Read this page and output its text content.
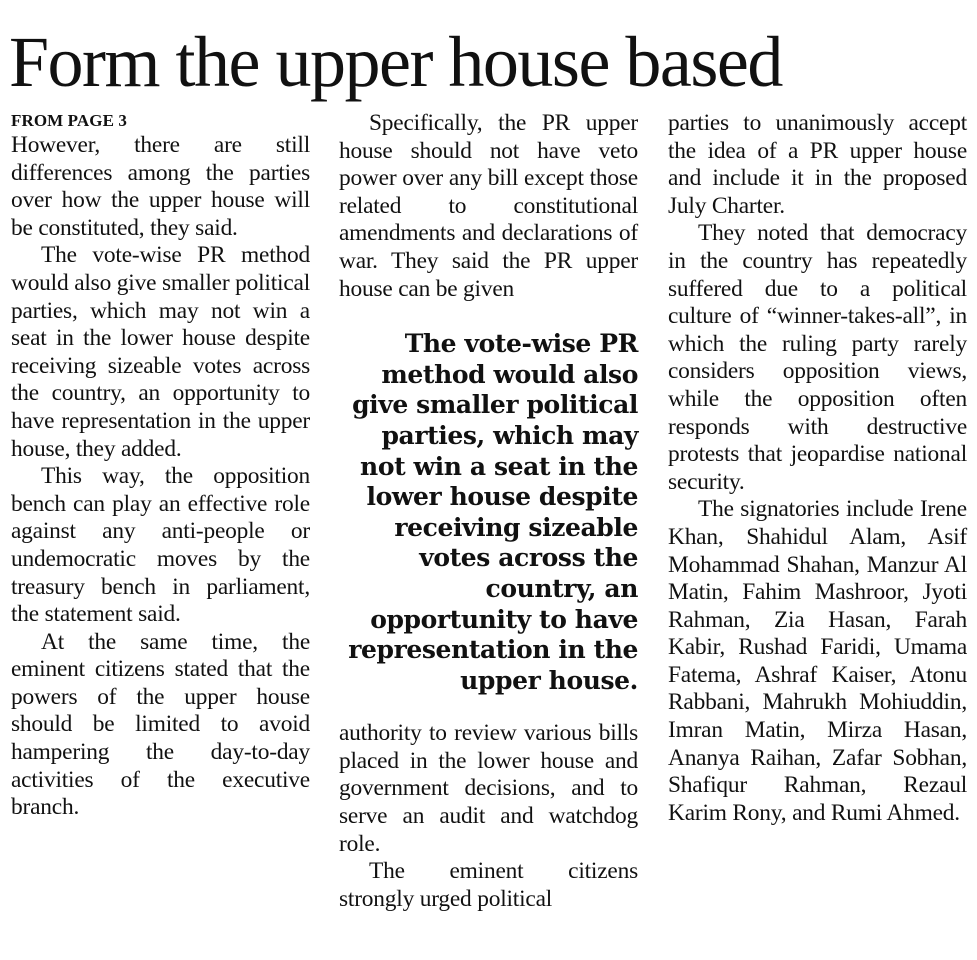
Form the upper house based
FROM PAGE 3

However, there are still differences among the parties over how the upper house will be constituted, they said.

The vote-wise PR method would also give smaller political parties, which may not win a seat in the lower house despite receiving sizeable votes across the country, an opportunity to have representation in the upper house, they added.

This way, the opposition bench can play an effective role against any anti-people or undemocratic moves by the treasury bench in parliament, the statement said.

At the same time, the eminent citizens stated that the powers of the upper house should be limited to avoid hampering the day-to-day activities of the executive branch.

Specifically, the PR upper house should not have veto power over any bill except those related to constitutional amendments and declarations of war. They said the PR upper house can be given

The vote-wise PR method would also give smaller political parties, which may not win a seat in the lower house despite receiving sizeable votes across the country, an opportunity to have representation in the upper house.

authority to review various bills placed in the lower house and government decisions, and to serve an audit and watchdog role.

The eminent citizens strongly urged political

parties to unanimously accept the idea of a PR upper house and include it in the proposed July Charter.

They noted that democracy in the country has repeatedly suffered due to a political culture of “winner-takes-all”, in which the ruling party rarely considers opposition views, while the opposition often responds with destructive protests that jeopardise national security.

The signatories include Irene Khan, Shahidul Alam, Asif Mohammad Shahan, Manzur Al Matin, Fahim Mashroor, Jyoti Rahman, Zia Hasan, Farah Kabir, Rushad Faridi, Umama Fatema, Ashraf Kaiser, Atonu Rabbani, Mahrukh Mohiuddin, Imran Matin, Mirza Hasan, Ananya Raihan, Zafar Sobhan, Shafiqur Rahman, Rezaul Karim Rony, and Rumi Ahmed.
